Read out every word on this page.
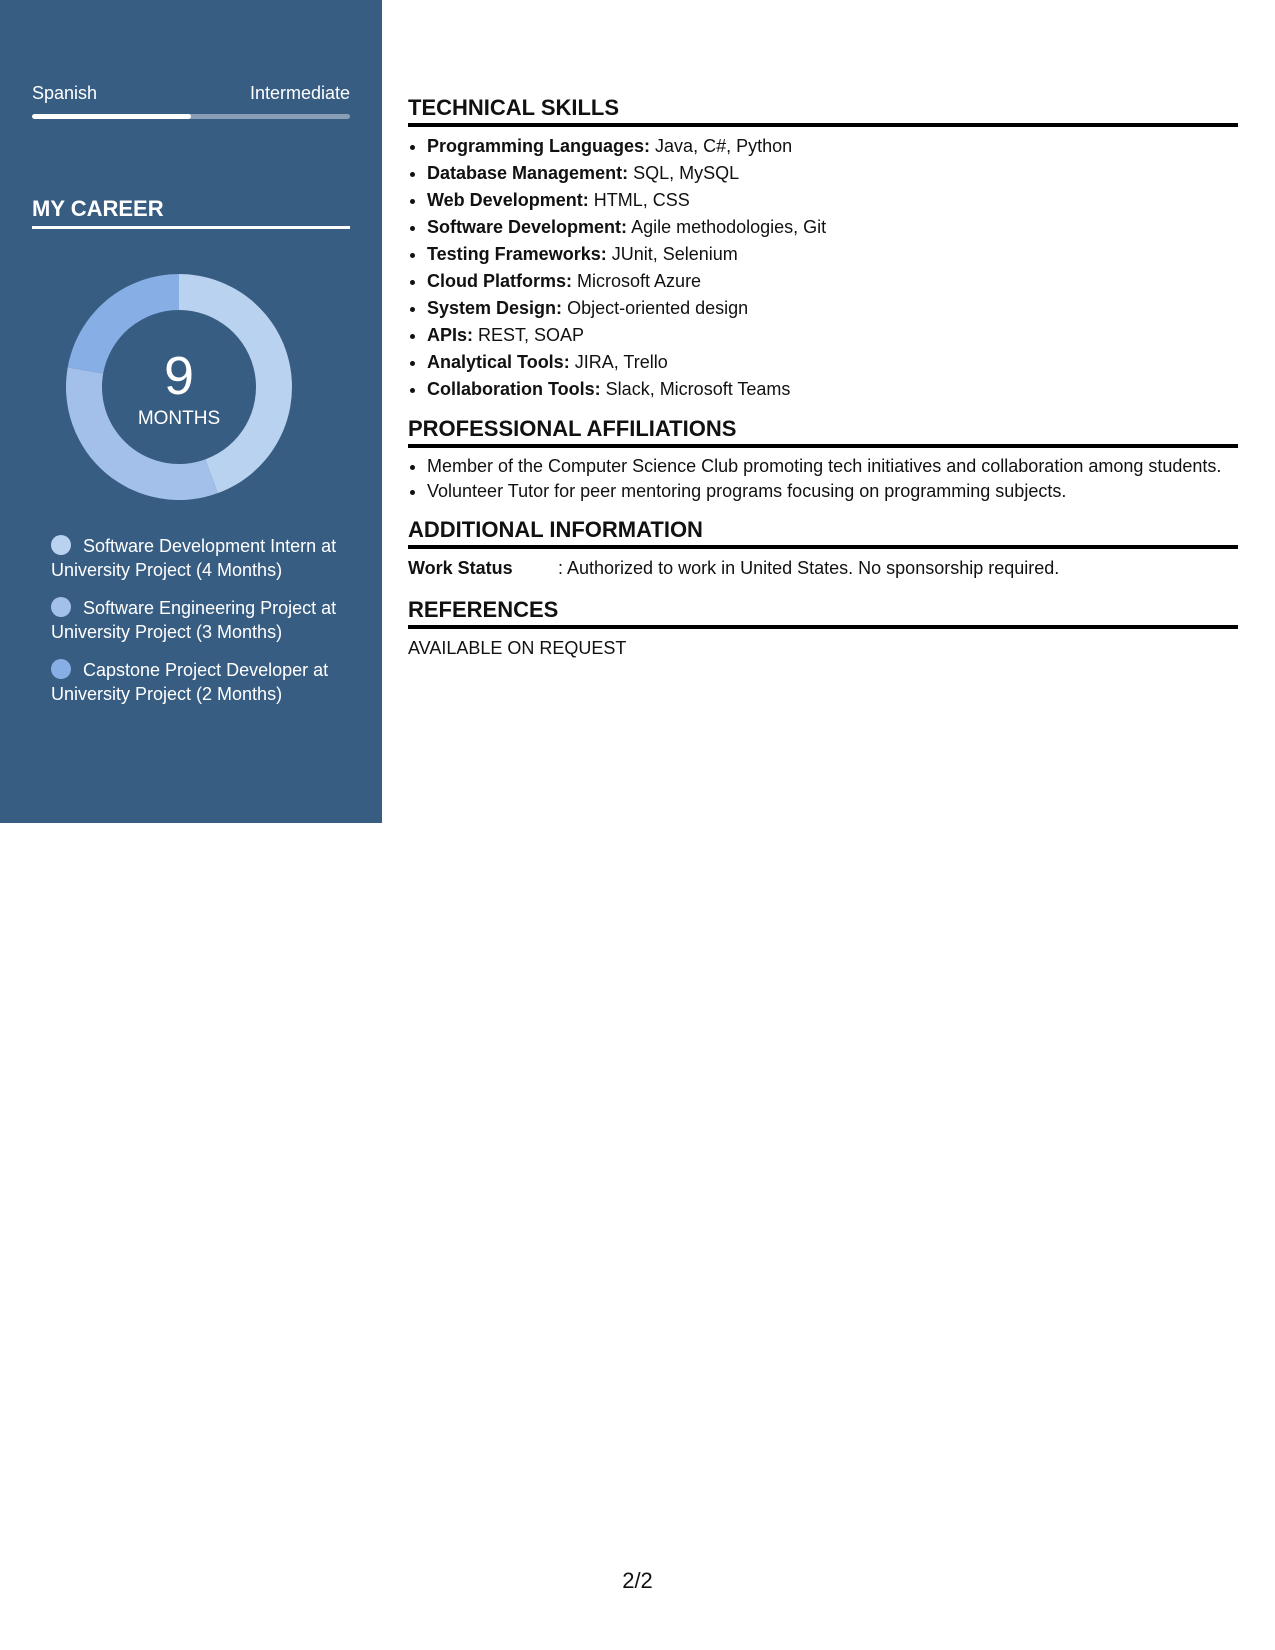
Spanish	Intermediate
MY CAREER
9
MONTHS
Software Development Intern at University Project (4 Months)
Software Engineering Project at University Project (3 Months)
Capstone Project Developer at University Project (2 Months)
TECHNICAL SKILLS
• Programming Languages: Java, C#, Python
• Database Management: SQL, MySQL
• Web Development: HTML, CSS
• Software Development: Agile methodologies, Git
• Testing Frameworks: JUnit, Selenium
• Cloud Platforms: Microsoft Azure
• System Design: Object-oriented design
• APIs: REST, SOAP
• Analytical Tools: JIRA, Trello
• Collaboration Tools: Slack, Microsoft Teams
PROFESSIONAL AFFILIATIONS
• Member of the Computer Science Club promoting tech initiatives and collaboration among students.
• Volunteer Tutor for peer mentoring programs focusing on programming subjects.
ADDITIONAL INFORMATION
Work Status	: Authorized to work in United States. No sponsorship required.
REFERENCES
AVAILABLE ON REQUEST
2/2
